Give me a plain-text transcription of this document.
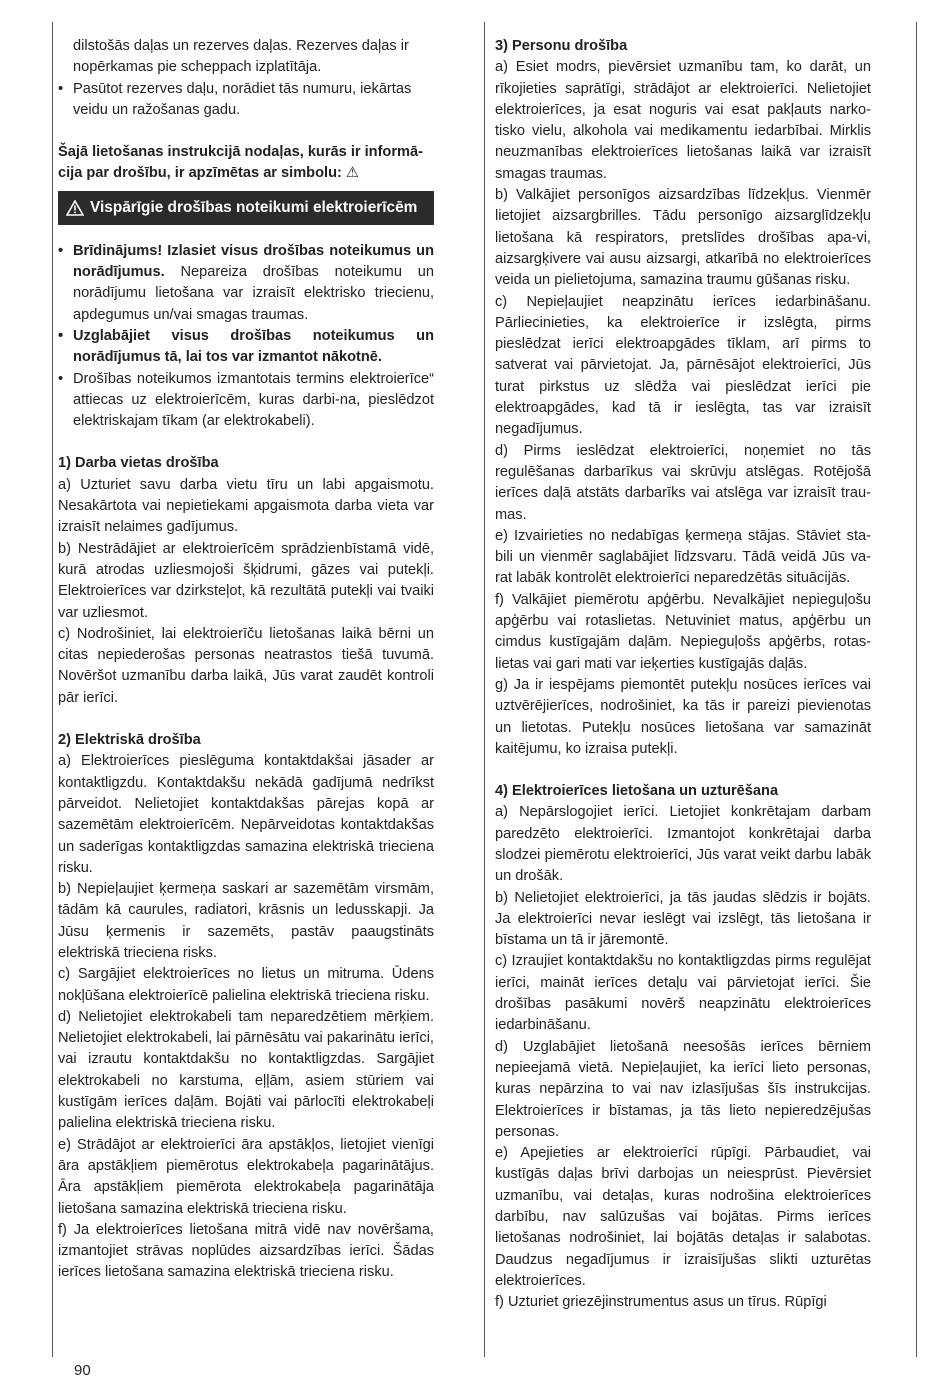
dilstošās daļas un rezerves daļas. Rezerves daļas ir

nopērkamas pie scheppach izplatītāja.

• Pasūtot rezerves daļu, norādiet tās numuru, iekārtas
veidu un ražošanas gadu.

Šajā lietošanas instrukcijā nodaļas, kurās ir informā-

cija par drošību, ir apzīmētas ar simbolu: ⚠

Vispārīgie drošības noteikumi elektroierīcēm
• Brīdinājums! Izlasiet visus drošības noteikumus un norādījumus. Nepareiza drošības noteikumu un norādījumu lietošana var izraisīt elektrisko triecienu, apdegumus un/vai smagas traumas.
• Uzglabājiet visus drošības noteikumus un norādījumus tā, lai tos var izmantot nākotnē.
• Drošības noteikumos izmantotais termins elektroierīce“ attiecas uz elektroierīcēm, kuras darbi-na, pieslēdzot elektriskajam tīkam (ar elektrokabeli).

1) Darba vietas drošība

a) Uzturiet savu darba vietu tīru un labi apgaismotu. Nesakārtota vai nepietiekami apgaismota darba vieta var izraisīt nelaimes gadījumus.

b) Nestrādājiet ar elektroierīcēm sprādzienbīstamā vidē, kurā atrodas uzliesmojoši šķidrumi, gāzes vai putekļi. Elektroierīces var dzirksteļot, kā rezultātā putekļi vai tvaiki var uzliesmot.

c) Nodrošiniet, lai elektroierīču lietošanas laikā bērni un citas nepiederošas personas neatrastos tiešā tuvumā. Novēršot uzmanību darba laikā, Jūs varat zaudēt kontroli pār ierīci.

2) Elektriskā drošība

a) Elektroierīces pieslēguma kontaktdakšai jāsader ar kontaktligzdu. Kontaktdakšu nekādā gadījumā nedrīkst pārveidot. Nelietojiet kontaktdakšas pārejas kopā ar sazemētām elektroierīcēm. Nepārveidotas kontaktdakšas un saderīgas kontaktligzdas samazina elektriskā trieciena risku.

b) Nepieļaujiet ķermeņa saskari ar sazemētām virsmām, tādām kā caurules, radiatori, krāsnis un ledusskapji. Ja Jūsu ķermenis ir sazemēts, pastāv paaugstināts elektriskā trieciena risks.

c) Sargājiet elektroierīces no lietus un mitruma. Ūdens nokļūšana elektroierīcē palielina elektriskā trieciena risku.

d) Nelietojiet elektrokabeli tam neparedzētiem mērķiem. Nelietojiet elektrokabeli, lai pārnēsātu vai pakarinātu ierīci, vai izrautu kontaktdakšu no kontaktligzdas. Sargājiet elektrokabeli no karstuma, eļļām, asiem stūriem vai kustīgām ierīces daļām. Bojāti vai pārlocīti elektrokabeļi palielina elektriskā trieciena risku.

e) Strādājot ar elektroierīci āra apstākļos, lietojiet vienīgi āra apstākļiem piemērotus elektrokabeļa pagarinātājus. Āra apstākļiem piemērota elektrokabeļa pagarinātāja lietošana samazina elektriskā trieciena risku.

f) Ja elektroierīces lietošana mitrā vidē nav novēršama, izmantojiet strāvas noplūdes aizsardzības ierīci. Šādas ierīces lietošana samazina elektriskā trieciena risku.

3) Personu drošība

a) Esiet modrs, pievērsiet uzmanību tam, ko darāt, un rīkojieties saprātīgi, strādājot ar elektroierīci. Nelietojiet elektroierīces, ja esat noguris vai esat pakļauts narko-tisko vielu, alkohola vai medikamentu iedarbībai. Mirklis neuzmanības elektroierīces lietošanas laikā var izraisīt smagas traumas.

b) Valkājiet personīgos aizsardzības līdzekļus. Vienmēr lietojiet aizsargbrilles. Tādu personīgo aizsarglīdzekļu lietošana kā respirators, pretslīdes drošības apa-vi, aizsargķivere vai ausu aizsargi, atkarībā no elektroierīces veida un pielietojuma, samazina traumu gūšanas risku.

c) Nepieļaujiet neapzinātu ierīces iedarbināšanu. Pārliecinieties, ka elektroierīce ir izslēgta, pirms pieslēdzat ierīci elektroapgādes tīklam, arī pirms to satverat vai pārvietojat. Ja, pārnēsājot elektroierīci, Jūs turat pirkstus uz slēdža vai pieslēdzat ierīci pie elektroapgādes, kad tā ir ieslēgta, tas var izraisīt negadījumus.

d) Pirms ieslēdzat elektroierīci, noņemiet no tās regulēšanas darbarīkus vai skrūvju atslēgas. Rotējošā ierīces daļā atstāts darbarīks vai atslēga var izraisīt trau-mas.

e) Izvairieties no nedabīgas ķermeņa stājas. Stāviet sta-bili un vienmēr saglabājiet līdzsvaru. Tādā veidā Jūs va-rat labāk kontrolēt elektroierīci neparedzētās situācijās.

f) Valkājiet piemērotu apģērbu. Nevalkājiet nepieguļošu apģērbu vai rotaslietas. Netuviniet matus, apģērbu un cimdus kustīgajām daļām. Nepieguļošs apģērbs, rotas-lietas vai gari mati var ieķerties kustīgajās daļās.

g) Ja ir iespējams piemontēt putekļu nosūces ierīces vai uztvērējierīces, nodrošiniet, ka tās ir pareizi pievienotas un lietotas. Putekļu nosūces lietošana var samazināt kaitējumu, ko izraisa putekļi.

4) Elektroierīces lietošana un uzturēšana

a) Nepārslogojiet ierīci. Lietojiet konkrētajam darbam paredzēto elektroierīci. Izmantojot konkrētajai darba slodzei piemērotu elektroierīci, Jūs varat veikt darbu labāk un drošāk.

b) Nelietojiet elektroierīci, ja tās jaudas slēdzis ir bojāts. Ja elektroierīci nevar ieslēgt vai izslēgt, tās lietošana ir bīstama un tā ir jāremontē.

c) Izraujiet kontaktdakšu no kontaktligzdas pirms regulējat ierīci, maināt ierīces detaļu vai pārvietojat ierīci. Šie drošības pasākumi novērš neapzinātu elektroierīces iedarbināšanu.

d) Uzglabājiet lietošanā neesošās ierīces bērniem nepieejamā vietā. Nepieļaujiet, ka ierīci lieto personas, kuras nepārzina to vai nav izlasījušas šīs instrukcijas. Elektroierīces ir bīstamas, ja tās lieto nepieredzējušas personas.

e) Apejieties ar elektroierīci rūpīgi. Pārbaudiet, vai kustīgās daļas brīvi darbojas un neiesprūst. Pievērsiet uzmanību, vai detaļas, kuras nodrošina elektroierīces darbību, nav salūzušas vai bojātas. Pirms ierīces lietošanas nodrošiniet, lai bojātās detaļas ir salabotas. Daudzus negadījumus ir izraisījušas slikti uzturētas elektroierīces.

f) Uzturiet griezējinstrumentus asus un tīrus. Rūpīgi

90
